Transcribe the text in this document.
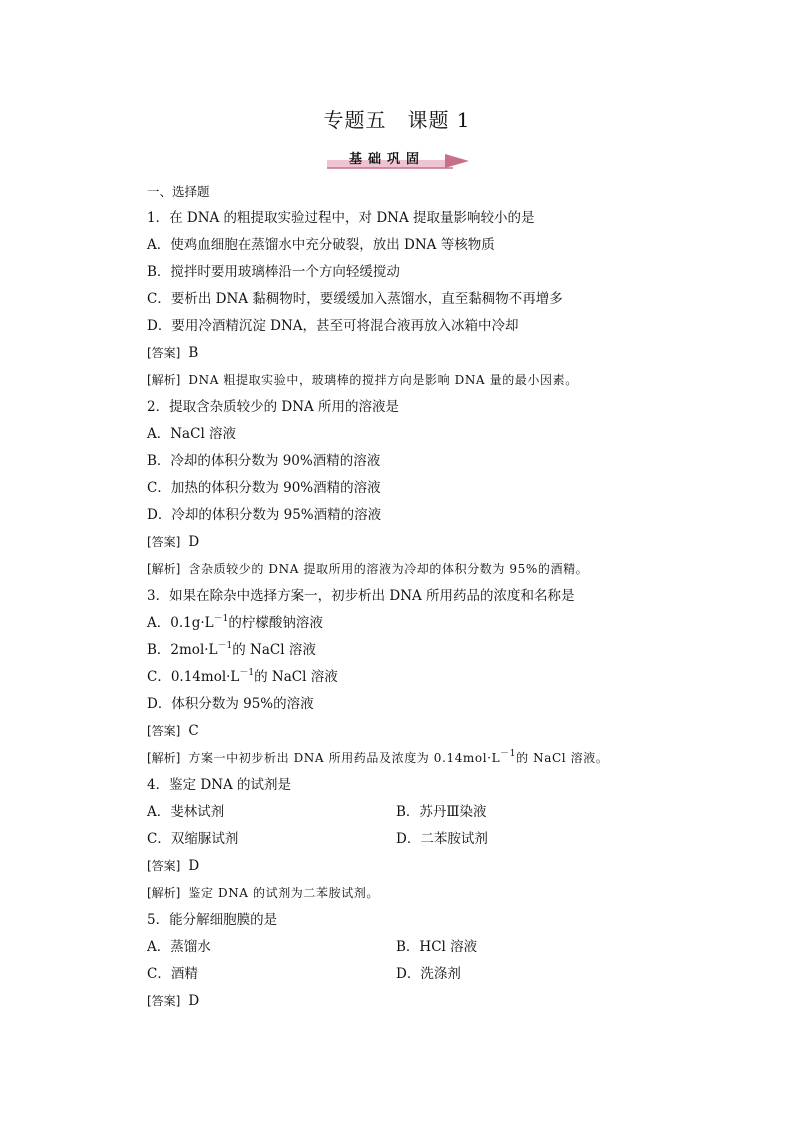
专题五　课题 1
基础巩固
一、选择题
1．在 DNA 的粗提取实验过程中，对 DNA 提取量影响较小的是
A．使鸡血细胞在蒸馏水中充分破裂，放出 DNA 等核物质
B．搅拌时要用玻璃棒沿一个方向轻缓搅动
C．要析出 DNA 黏稠物时，要缓缓加入蒸馏水，直至黏稠物不再增多
D．要用冷酒精沉淀 DNA，甚至可将混合液再放入冰箱中冷却
[答案] B
[解析] DNA 粗提取实验中，玻璃棒的搅拌方向是影响 DNA 量的最小因素。
2．提取含杂质较少的 DNA 所用的溶液是
A．NaCl 溶液
B．冷却的体积分数为 90%酒精的溶液
C．加热的体积分数为 90%酒精的溶液
D．冷却的体积分数为 95%酒精的溶液
[答案] D
[解析] 含杂质较少的 DNA 提取所用的溶液为冷却的体积分数为 95%的酒精。
3．如果在除杂中选择方案一，初步析出 DNA 所用药品的浓度和名称是
A．$0.1g\cdot L^{-1}$的柠檬酸钠溶液
B．$2mol\cdot L^{-1}$的 NaCl 溶液
C．$0.14mol\cdot L^{-1}$的 NaCl 溶液
D．体积分数为 95%的溶液
[答案] C
[解析] 方案一中初步析出 DNA 所用药品及浓度为 $0.14mol\cdot L^{-1}$的 NaCl 溶液。
4．鉴定 DNA 的试剂是
A．斐林试剂	B．苏丹Ⅲ染液
C．双缩脲试剂	D．二苯胺试剂
[答案] D
[解析] 鉴定 DNA 的试剂为二苯胺试剂。
5．能分解细胞膜的是
A．蒸馏水	B．HCl 溶液
C．酒精	D．洗涤剂
[答案] D
